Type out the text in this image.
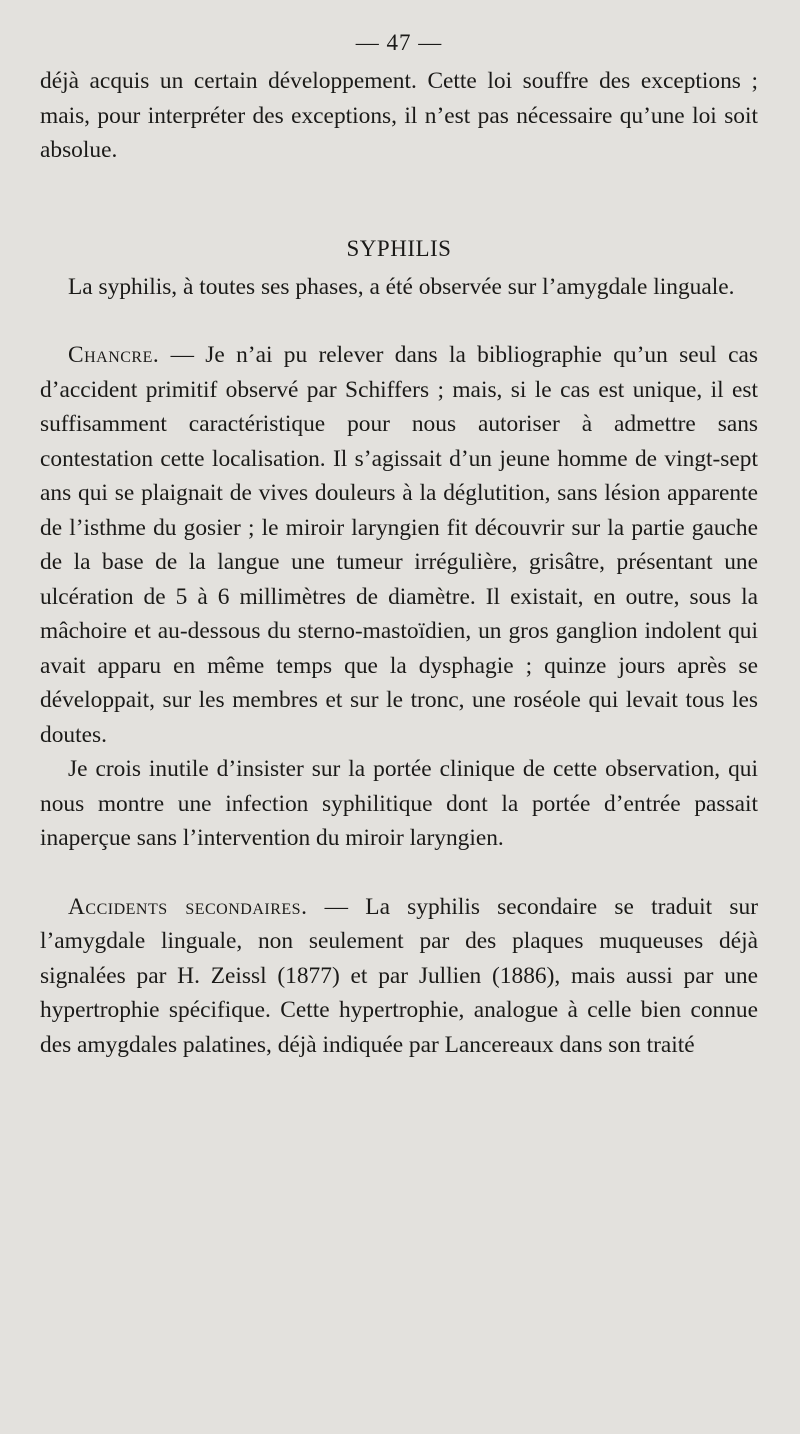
— 47 —

déjà acquis un certain développement. Cette loi souffre des exceptions ; mais, pour interpréter des exceptions, il n’est pas nécessaire qu’une loi soit absolue.

SYPHILIS

La syphilis, à toutes ses phases, a été observée sur l’amygdale linguale.

Chancre. — Je n’ai pu relever dans la bibliographie qu’un seul cas d’accident primitif observé par Schiffers ; mais, si le cas est unique, il est suffisamment caractéristique pour nous autoriser à admettre sans contestation cette localisation. Il s’agissait d’un jeune homme de vingt-sept ans qui se plaignait de vives douleurs à la déglutition, sans lésion apparente de l’isthme du gosier ; le miroir laryngien fit découvrir sur la partie gauche de la base de la langue une tumeur irrégulière, grisâtre, présentant une ulcération de 5 à 6 millimètres de diamètre. Il existait, en outre, sous la mâchoire et au-dessous du sterno-mastoïdien, un gros ganglion indolent qui avait apparu en même temps que la dysphagie ; quinze jours après se développait, sur les membres et sur le tronc, une roséole qui levait tous les doutes.

Je crois inutile d’insister sur la portée clinique de cette observation, qui nous montre une infection syphilitique dont la portée d’entrée passait inaperçue sans l’intervention du miroir laryngien.

Accidents secondaires. — La syphilis secondaire se traduit sur l’amygdale linguale, non seulement par des plaques muqueuses déjà signalées par H. Zeissl (1877) et par Jullien (1886), mais aussi par une hypertrophie spécifique. Cette hypertrophie, analogue à celle bien connue des amygdales palatines, déjà indiquée par Lancereaux dans son traité
